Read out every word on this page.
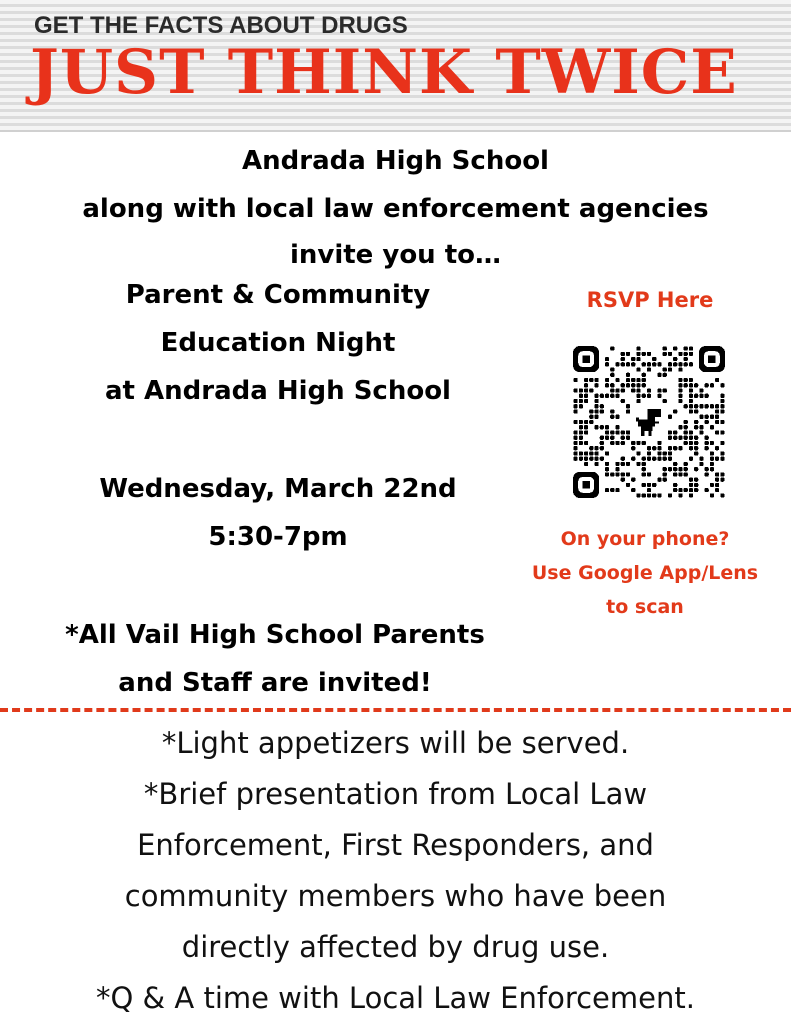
GET THE FACTS ABOUT DRUGS
JUST THINK TWICE
Andrada High School
along with local law enforcement agencies
invite you to…
Parent & Community
Education Night
at Andrada High School
Wednesday, March 22nd
5:30-7pm
RSVP Here
On your phone?
Use Google App/Lens
to scan
*All Vail High School Parents
and Staff are invited!
*Light appetizers will be served.
*Brief presentation from Local Law
Enforcement, First Responders, and
community members who have been
directly affected by drug use.
*Q & A time with Local Law Enforcement.
